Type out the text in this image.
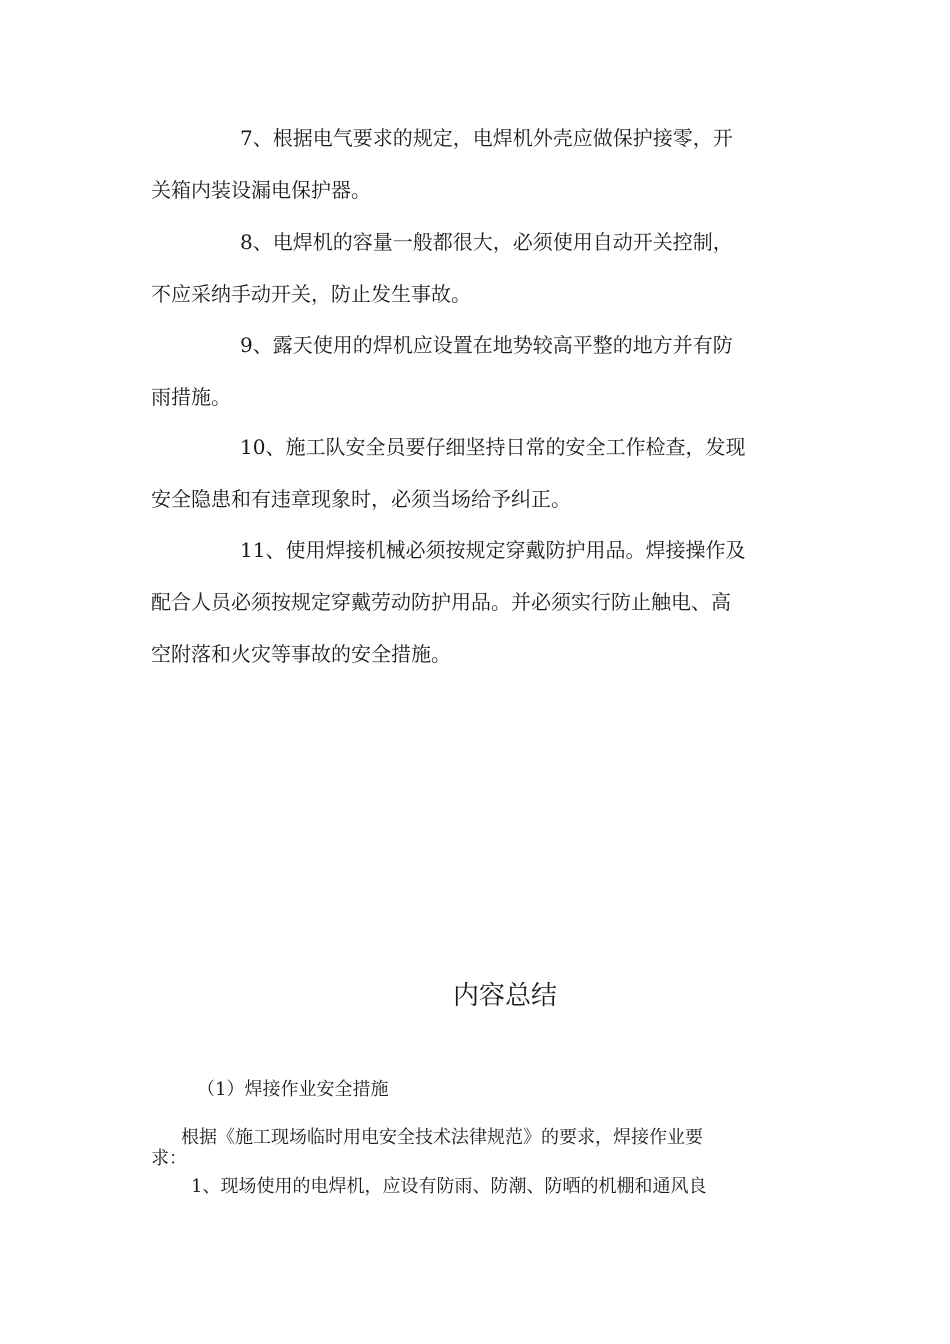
7、根据电气要求的规定，电焊机外壳应做保护接零，开
关箱内装设漏电保护器。

8、电焊机的容量一般都很大，必须使用自动开关控制，
不应采纳手动开关，防止发生事故。

9、露天使用的焊机应设置在地势较高平整的地方并有防
雨措施。

10、施工队安全员要仔细坚持日常的安全工作检查，发现
安全隐患和有违章现象时，必须当场给予纠正。

11、使用焊接机械必须按规定穿戴防护用品。焊接操作及
配合人员必须按规定穿戴劳动防护用品。并必须实行防止触电、高
空附落和火灾等事故的安全措施。

内容总结

（1）焊接作业安全措施

根据《施工现场临时用电安全技术法律规范》的要求，焊接作业要
求：

1、现场使用的电焊机，应设有防雨、防潮、防晒的机棚和通风良
